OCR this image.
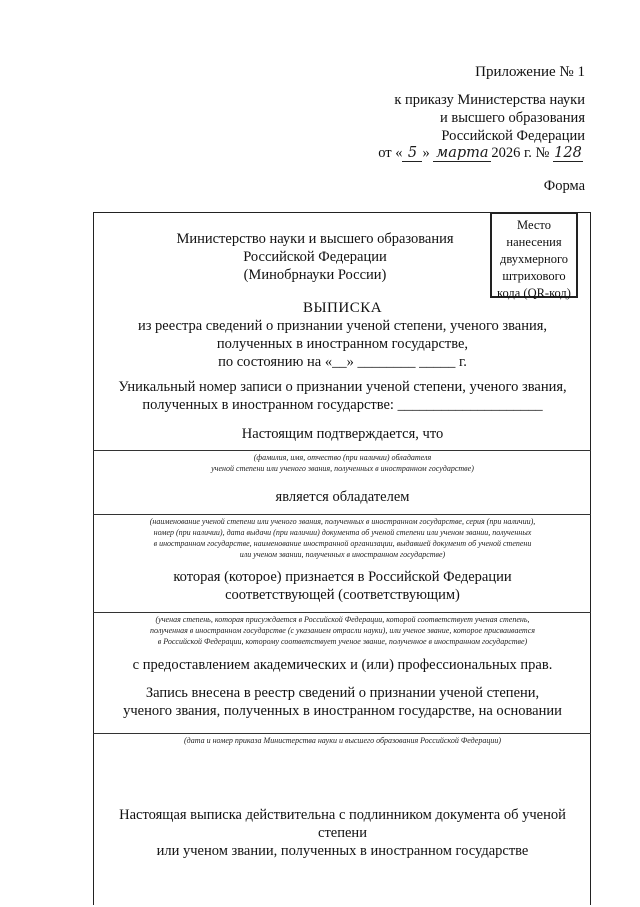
Приложение № 1
к приказу Министерства науки
и высшего образования
Российской Федерации
от « 5 » марта 2026 г. № 128
Форма
Место
нанесения
двухмерного
штрихового
кода (QR-код)
Министерство науки и высшего образования
Российской Федерации
(Минобрнауки России)
ВЫПИСКА
из реестра сведений о признании ученой степени, ученого звания,
полученных в иностранном государстве,
по состоянию на «__» ________ _____ г.
Уникальный номер записи о признании ученой степени, ученого звания,
полученных в иностранном государстве: ____________________
Настоящим подтверждается, что
(фамилия, имя, отчество (при наличии) обладателя
ученой степени или ученого звания, полученных в иностранном государстве)
является обладателем
(наименование ученой степени или ученого звания, полученных в иностранном государстве, серия (при наличии),
номер (при наличии), дата выдачи (при наличии) документа об ученой степени или ученом звании, полученных
в иностранном государстве, наименование иностранной организации, выдавшей документ об ученой степени
или ученом звании, полученных в иностранном государстве)
которая (которое) признается в Российской Федерации
соответствующей (соответствующим)
(ученая степень, которая присуждается в Российской Федерации, которой соответствует ученая степень,
полученная в иностранном государстве (с указанием отрасли науки), или ученое звание, которое присваивается
в Российской Федерации, которому соответствует ученое звание, полученное в иностранном государстве)
с предоставлением академических и (или) профессиональных прав.
Запись внесена в реестр сведений о признании ученой степени,
ученого звания, полученных в иностранном государстве, на основании
(дата и номер приказа Министерства науки и высшего образования Российской Федерации)
Настоящая выписка действительна с подлинником документа об ученой степени
или ученом звании, полученных в иностранном государстве
